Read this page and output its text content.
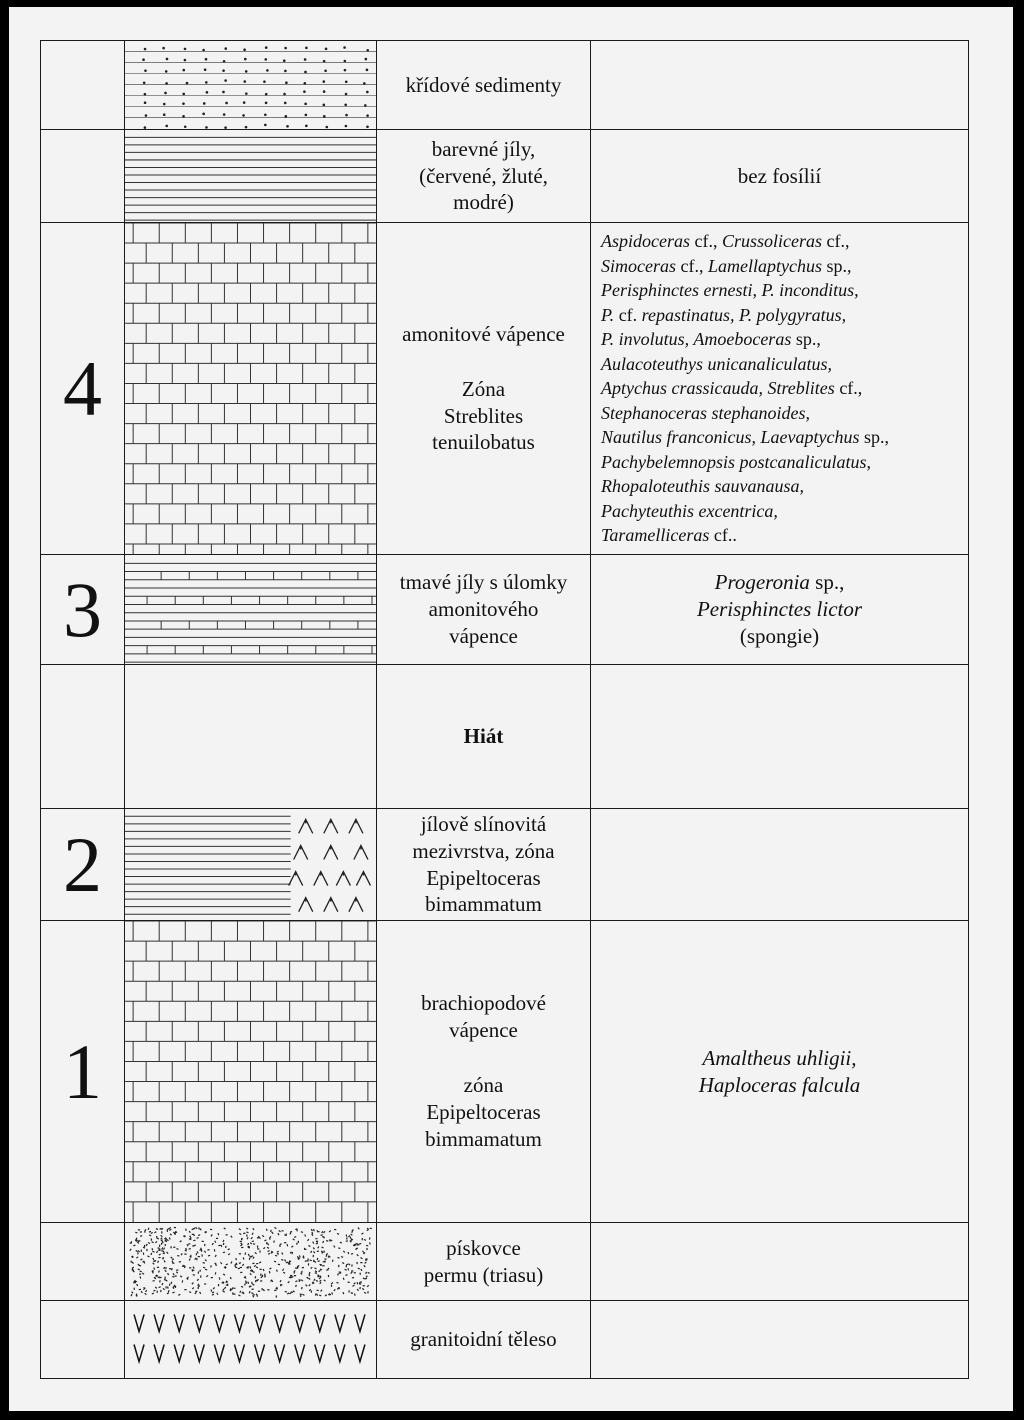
křídové sedimenty
barevné jíly,
(červené, žluté,
modré)
bez fosílií
4
amonitové vápence
Zóna
Streblites
tenuilobatus
Aspidoceras cf., Crussoliceras cf.,
Simoceras cf., Lamellaptychus sp.,
Perisphinctes ernesti, P. inconditus,
P. cf. repastinatus, P. polygyratus,
P. involutus, Amoeboceras sp.,
Aulacoteuthys unicanaliculatus,
Aptychus crassicauda, Streblites cf.,
Stephanoceras stephanoides,
Nautilus franconicus, Laevaptychus sp.,
Pachybelemnopsis postcanaliculatus,
Rhopaloteuthis sauvanausa,
Pachyteuthis excentrica,
Taramelliceras cf..
3	tmavé jíly s úlomky
amonitového
vápence
Progeronia sp.,
Perisphinctes lictor
(spongie)
Hiát
2	jílově slínovitá
mezivrstva, zóna
Epipeltoceras
bimammatum
1
brachiopodové
vápence
zóna
Epipeltoceras
bimmamatum
Amaltheus uhligii,
Haploceras falcula
pískovce
permu (triasu)
granitoidní těleso
